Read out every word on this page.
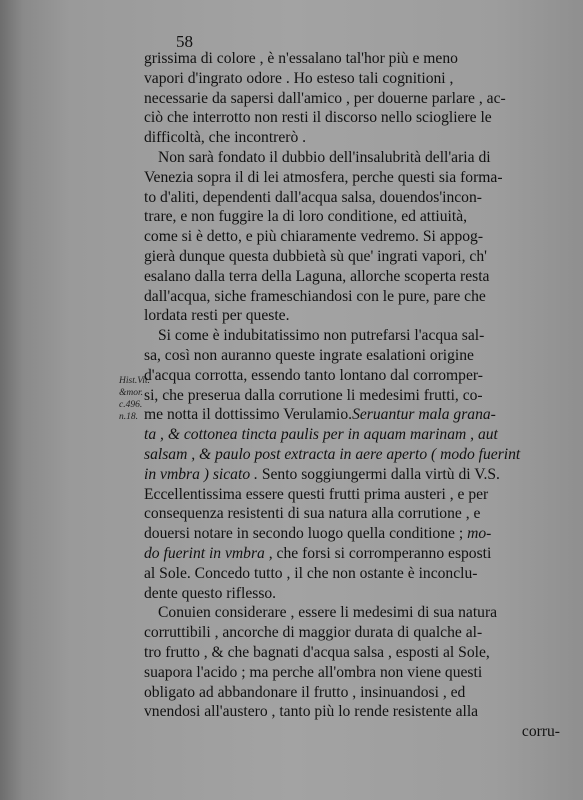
58
Hist.Vit.
&mor.
c.496.
n.18.
grissima di colore , è n'essalano tal'hor più e meno
vapori d'ingrato odore . Ho esteso tali cognitioni ,
necessarie da sapersi dall'amico , per douerne parlare , ac-
ciò che interrotto non resti il discorso nello sciogliere le
difficoltà, che incontrerò .
Non sarà fondato il dubbio dell'insalubrità dell'aria di
Venezia sopra il di lei atmosfera, perche questi sia forma-
to d'aliti, dependenti dall'acqua salsa, douendos'incon-
trare, e non fuggire la di loro conditione, ed attiuità,
come si è detto, e più chiaramente vedremo. Si appog-
gierà dunque questa dubbietà sù que' ingrati vapori, ch'
esalano dalla terra della Laguna, allorche scoperta resta
dall'acqua, siche frameschiandosi con le pure, pare che
lordata resti per queste.
Si come è indubitatissimo non putrefarsi l'acqua sal-
sa, così non auranno queste ingrate esalationi origine
d'acqua corrotta, essendo tanto lontano dal corromper-
si, che preserua dalla corrutione li medesimi frutti, co-
me notta il dottissimo Verulamio.Seruantur mala grana-
ta , & cottonea tincta paulis per in aquam marinam , aut
salsam , & paulo post extracta in aere aperto ( modo fuerint
in vmbra ) sicato . Sento soggiungermi dalla virtù di V.S.
Eccellentissima essere questi frutti prima austeri , e per
consequenza resistenti di sua natura alla corrutione , e
douersi notare in secondo luogo quella conditione ; mo-
do fuerint in vmbra , che forsi si corromperanno esposti
al Sole. Concedo tutto , il che non ostante è inconclu-
dente questo riflesso.
Conuien considerare , essere li medesimi di sua natura
corruttibili , ancorche di maggior durata di qualche al-
tro frutto , & che bagnati d'acqua salsa , esposti al Sole,
suapora l'acido ; ma perche all'ombra non viene questi
obligato ad abbandonare il frutto , insinuandosi , ed
vnendosi all'austero , tanto più lo rende resistente alla
corru-
